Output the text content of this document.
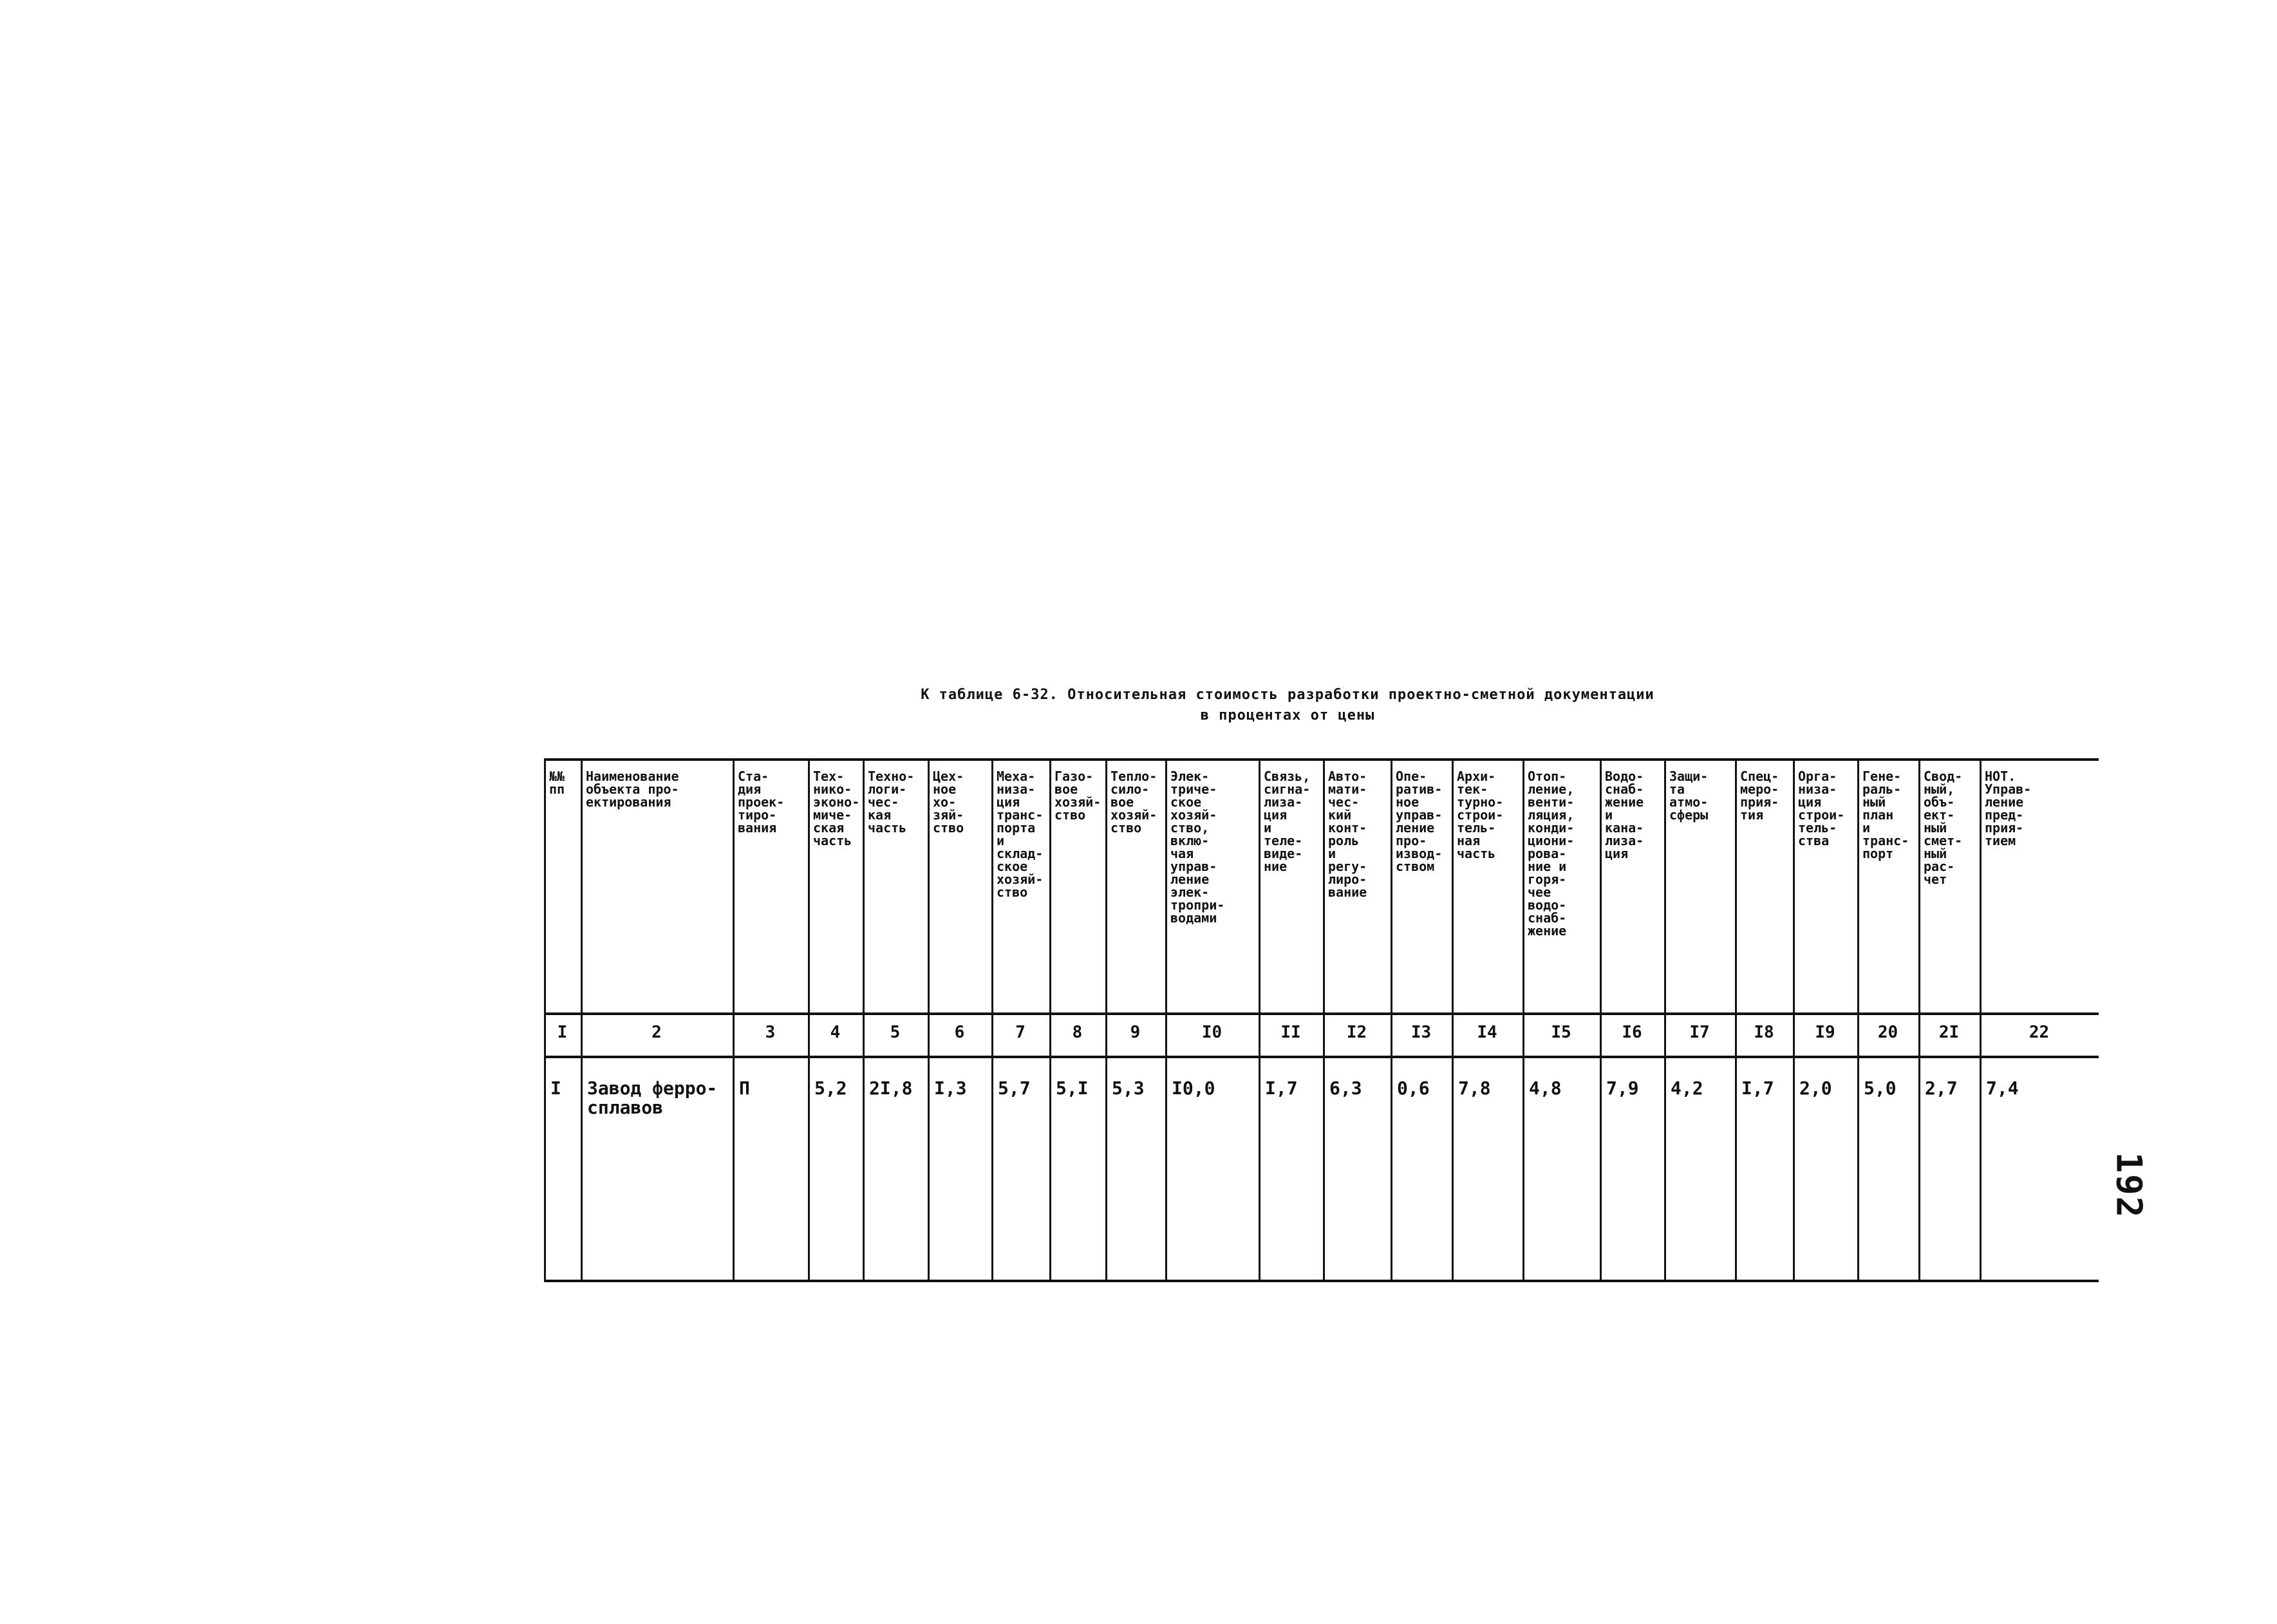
К таблице 6-32. Относительная стоимость разработки проектно-сметной документации
в процентах от цены
№№
пп
I
I
Наименование
объекта про-
ектирования
2
Завод ферро-
сплавов
Ста-
дия
проек-
тиро-
вания
3
П
Тех-
нико-
эконо-
миче-
ская
часть
4
5,2
Техно-
логи-
чес-
кая
часть
5
2I,8
Цех-
ное
хо-
зяй-
ство
6
I,3
Меха-
низа-
ция
транс-
порта
и
склад-
ское
хозяй-
ство
7
5,7
Газо-
вое
хозяй-
ство
8
5,I
Тепло-
сило-
вое
хозяй-
ство
9
5,3
Элек-
триче-
ское
хозяй-
ство,
вклю-
чая
управ-
ление
элек-
тропри-
водами
I0
I0,0
Связь,
сигна-
лиза-
ция
и
теле-
виде-
ние
II
I,7
Авто-
мати-
чес-
кий
конт-
роль
и
регу-
лиро-
вание
I2
6,3
Опе-
ратив-
ное
управ-
ление
про-
извод-
ством
I3
0,6
Архи-
тек-
турно-
строи-
тель-
ная
часть
I4
7,8
Отоп-
ление,
венти-
ляция,
конди-
циони-
рова-
ние и
горя-
чее
водо-
снаб-
жение
I5
4,8
Водо-
снаб-
жение
и
кана-
лиза-
ция
I6
7,9
Защи-
та
атмо-
сферы
I7
4,2
Спец-
меро-
прия-
тия
I8
I,7
Орга-
низа-
ция
строи-
тель-
ства
I9
2,0
Гене-
раль-
ный
план
и
транс-
порт
20
5,0
Свод-
ный,
объ-
ект-
ный
смет-
ный
рас-
чет
2I
2,7
НОТ.
Управ-
ление
пред-
прия-
тием
22
7,4
192
